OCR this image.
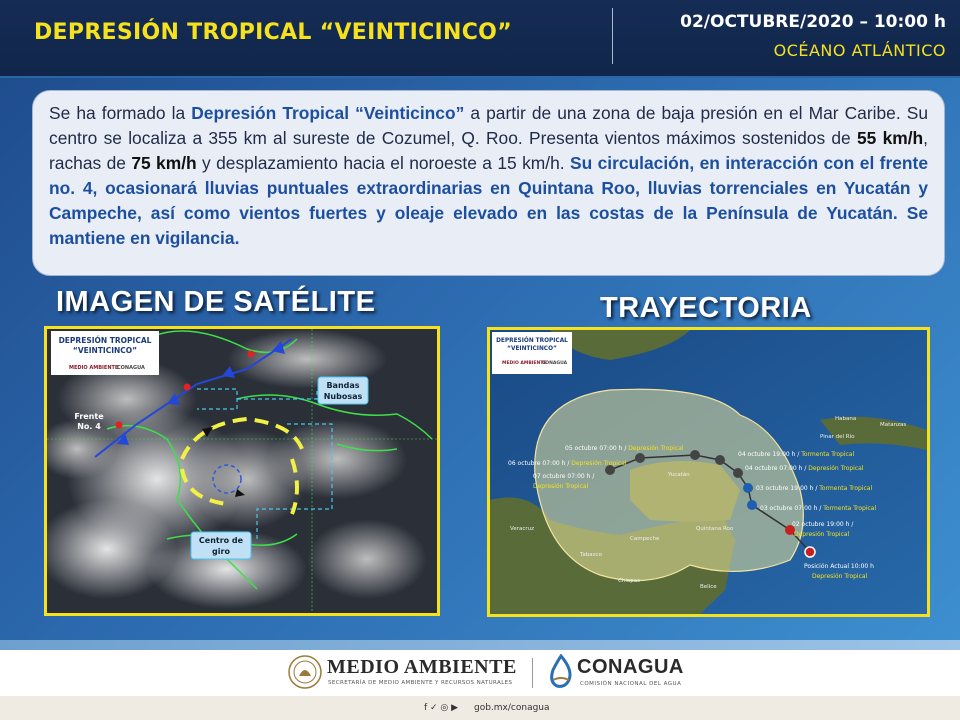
DEPRESIÓN TROPICAL “VEINTICINCO”	02/OCTUBRE/2020 – 10:00 h
OCÉANO ATLÁNTICO

Se ha formado la Depresión Tropical “Veinticinco” a partir de una zona de baja presión en el Mar Caribe. Su centro se localiza a 355 km al sureste de Cozumel, Q. Roo. Presenta vientos máximos sostenidos de 55 km/h, rachas de 75 km/h y desplazamiento hacia el noroeste a 15 km/h. Su circulación, en interacción con el frente no. 4, ocasionará lluvias puntuales extraordinarias en Quintana Roo, lluvias torrenciales en Yucatán y Campeche, así como vientos fuertes y oleaje elevado en las costas de la Península de Yucatán. Se mantiene en vigilancia.

IMAGEN DE SATÉLITE	TRAYECTORIA
DEPRESIÓN TROPICAL
“VEINTICINCO”
MEDIO AMBIENTE
CONAGUA
Frente
No. 4
Bandas
Nubosas
Centro de
giro
DEPRESIÓN TROPICAL
“VEINTICINCO”
MEDIO AMBIENTE
CONAGUA
05 octubre 07:00 h / Depresión Tropical
06 octubre 07:00 h / Depresión Tropical
07 octubre 07:00 h /
Depresión Tropical
04 octubre 19:00 h / Tormenta Tropical
04 octubre 07:00 h / Depresión Tropical
03 octubre 19:00 h / Tormenta Tropical
03 octubre 07:00 h / Tormenta Tropical
02 octubre 19:00 h /
Depresión Tropical
Posición Actual 10:00 h
Depresión Tropical
Yucatán
Campeche
Quintana Roo
Tabasco
Belice
Chiapas
Veracruz
Pinar del Río
Habana
Matanzas
MEDIO AMBIENTE
SECRETARÍA DE MEDIO AMBIENTE Y RECURSOS NATURALES
CONAGUA
COMISIÓN NACIONAL DEL AGUA
f ✓ ◎ ▶ gob.mx/conagua
